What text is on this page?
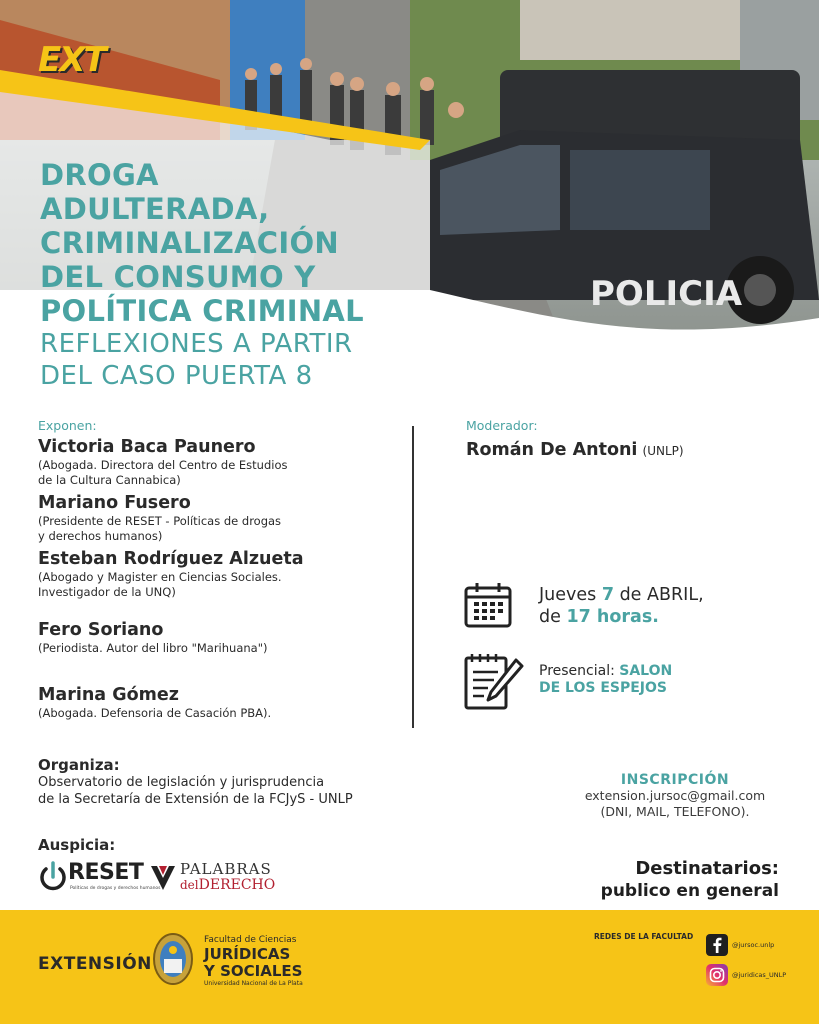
POLICIA
EXT
DROGA
ADULTERADA,
CRIMINALIZACIÓN
DEL CONSUMO Y
POLÍTICA CRIMINAL
REFLEXIONES A PARTIR
DEL CASO PUERTA 8
Exponen:
Victoria Baca Paunero
(Abogada. Directora del Centro de Estudios
de la Cultura Cannabica)
Mariano Fusero
(Presidente de RESET - Políticas de drogas
y derechos humanos)
Esteban Rodríguez Alzueta
(Abogado y Magister en Ciencias Sociales.
Investigador de la UNQ)
Fero Soriano
(Periodista. Autor del libro "Marihuana")
Marina Gómez
(Abogada. Defensoria de Casación PBA).
Moderador:
Román De Antoni (UNLP)
Jueves 7 de ABRIL,
de 17 horas.
Presencial: SALON
DE LOS ESPEJOS
Organiza:
Observatorio de legislación y jurisprudencia
de la Secretaría de Extensión de la FCJyS - UNLP
INSCRIPCIÓN
extension.jursoc@gmail.com
(DNI, MAIL, TELEFONO).
Auspicia:
RESET
Políticas de drogas y derechos humanos
PALABRAS
delDERECHO
Destinatarios:
publico en general
EXTENSIÓN
Facultad de Ciencias
JURÍDICAS
Y SOCIALES
Universidad Nacional de La Plata
REDES DE LA FACULTAD
@jursoc.unlp
@juridicas_UNLP
